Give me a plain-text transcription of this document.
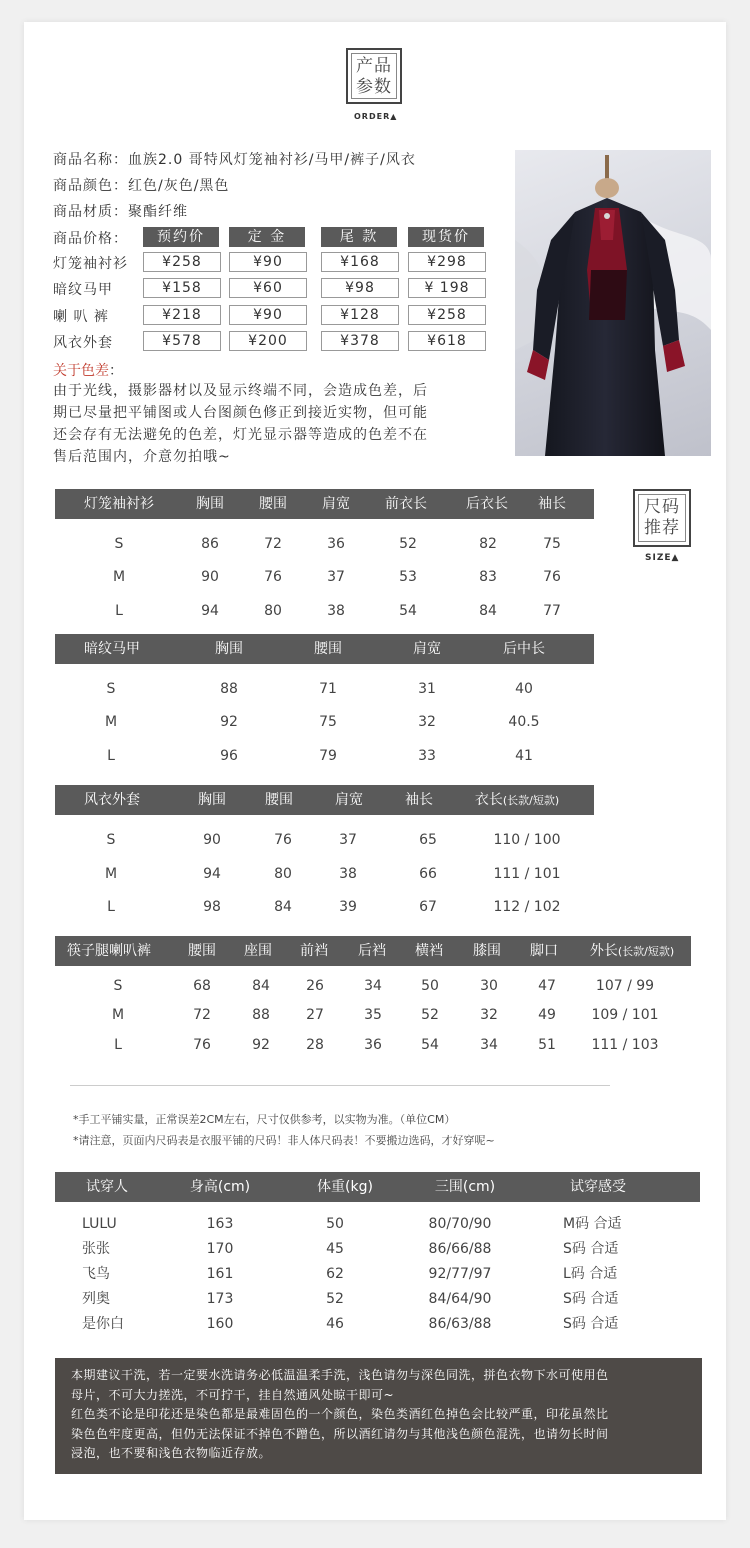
产品
参数
ORDER▲
商品名称：血族2.0 哥特风灯笼袖衬衫/马甲/裤子/风衣
商品颜色：红色/灰色/黑色
商品材质：聚酯纤维
商品价格：	预约价	定 金	尾 款	现货价
灯笼袖衬衫	¥258	¥90	¥168	¥298
暗纹马甲	¥158	¥60	¥98	¥ 198
喇 叭 裤	¥218	¥90	¥128	¥258
风衣外套	¥578	¥200	¥378	¥618
关于色差：
由于光线，摄影器材以及显示终端不同，会造成色差，后
期已尽量把平铺图或人台图颜色修正到接近实物，但可能
还会存有无法避免的色差，灯光显示器等造成的色差不在
售后范围内，介意勿拍哦~
尺码
推荐
SIZE▲
灯笼袖衬衫	胸围	腰围	肩宽	前衣长	后衣长	袖长
S	86	72	36	52	82	75
M	90	76	37	53	83	76
L	94	80	38	54	84	77
暗纹马甲	胸围	腰围	肩宽	后中长
S	88	71	31	40
M	92	75	32	40.5
L	96	79	33	41
风衣外套	胸围	腰围	肩宽	袖长	衣长(长款/短款)
S	90	76	37	65	110 / 100
M	94	80	38	66	111 / 101
L	98	84	39	67	112 / 102
筷子腿喇叭裤	腰围	座围	前裆	后裆	横裆	膝围	脚口	外长(长款/短款)
S	68	84	26	34	50	30	47	107 / 99
M	72	88	27	35	52	32	49	109 / 101
L	76	92	28	36	54	34	51	111 / 103
*手工平铺实量，正常误差2CM左右，尺寸仅供参考，以实物为准。（单位CM）
*请注意，页面内尺码表是衣服平铺的尺码！非人体尺码表！不要搬边选码，才好穿呢~
试穿人	身高(cm)	体重(kg)	三围(cm)	试穿感受
LULU	163	50	80/70/90	M码 合适
张张	170	45	86/66/88	S码 合适
飞鸟	161	62	92/77/97	L码 合适
列奥	173	52	84/64/90	S码 合适
是你白	160	46	86/63/88	S码 合适
本期建议干洗，若一定要水洗请务必低温温柔手洗，浅色请勿与深色同洗，拼色衣物下水可使用色
母片，不可大力搓洗，不可拧干，挂自然通风处晾干即可~
红色类不论是印花还是染色都是最难固色的一个颜色，染色类酒红色掉色会比较严重，印花虽然比
染色色牢度更高，但仍无法保证不掉色不蹭色，所以酒红请勿与其他浅色颜色混洗，也请勿长时间
浸泡，也不要和浅色衣物临近存放。
